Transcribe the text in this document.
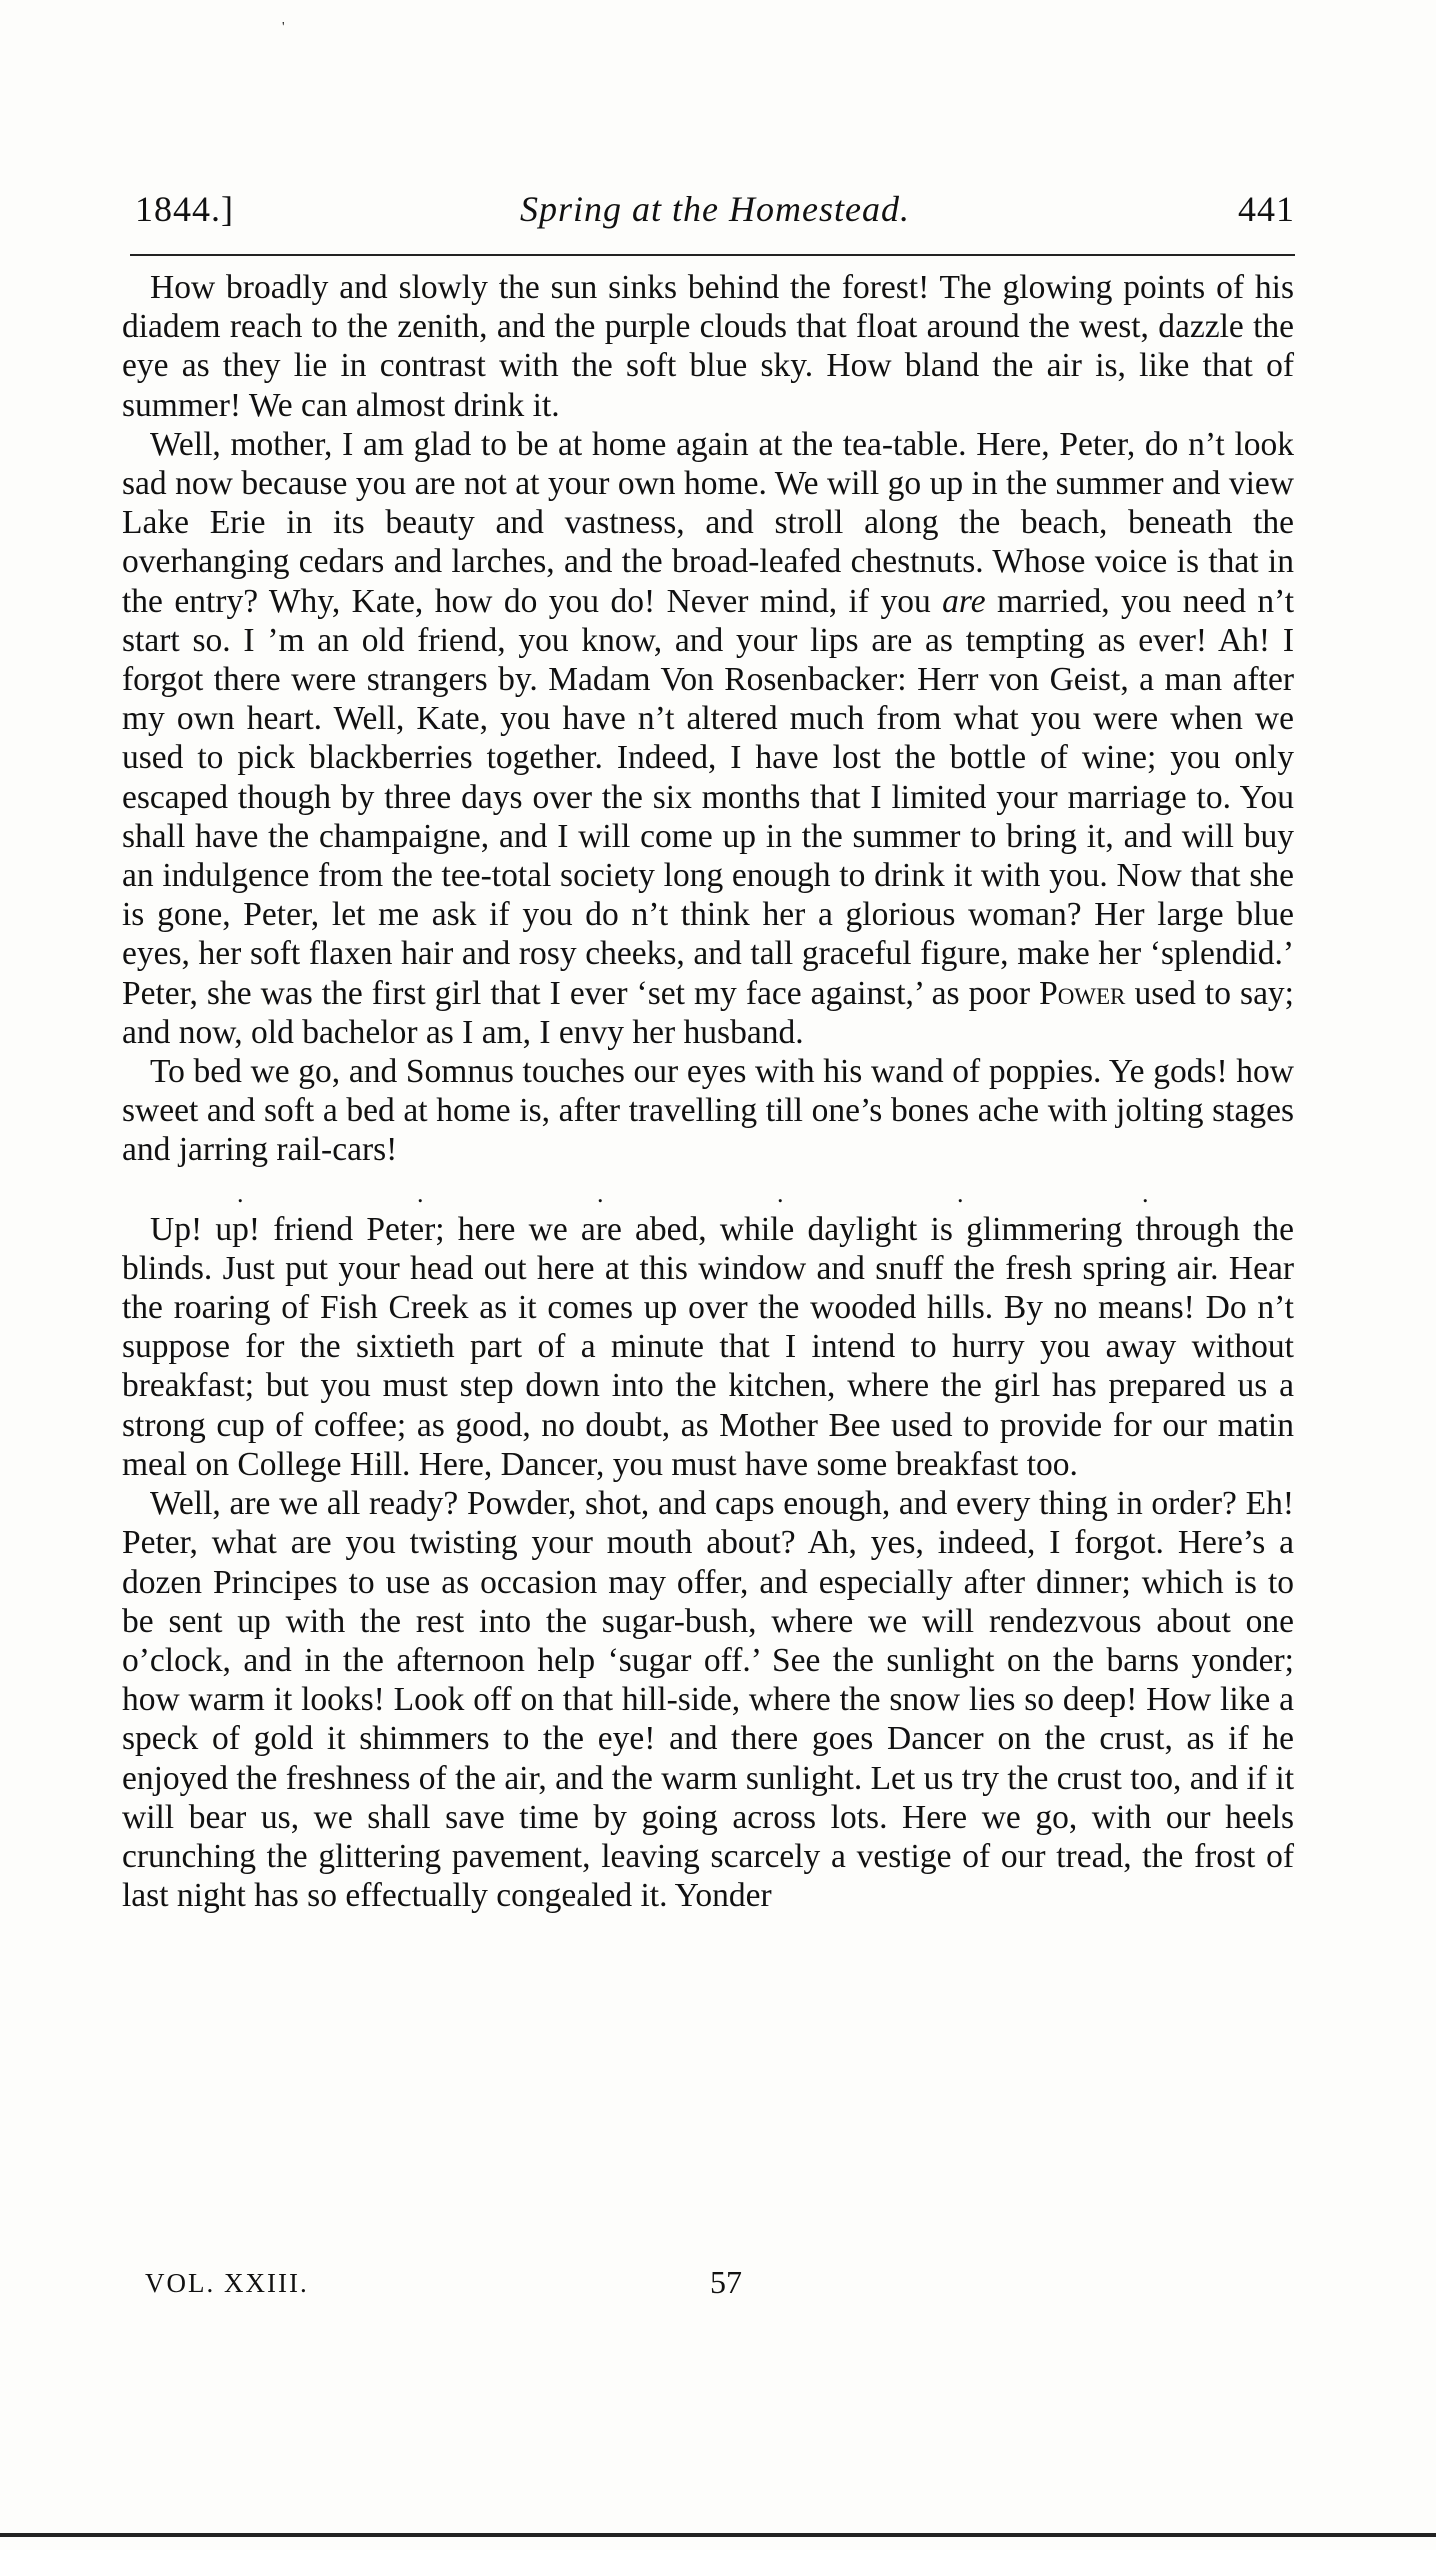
'
1844.]	Spring at the Homestead.	441

How broadly and slowly the sun sinks behind the forest! The glowing points of his diadem reach to the zenith, and the purple clouds that float around the west, dazzle the eye as they lie in contrast with the soft blue sky. How bland the air is, like that of summer! We can almost drink it.

Well, mother, I am glad to be at home again at the tea-table. Here, Peter, do n’t look sad now because you are not at your own home. We will go up in the summer and view Lake Erie in its beauty and vastness, and stroll along the beach, beneath the overhanging cedars and larches, and the broad-leafed chestnuts. Whose voice is that in the entry? Why, Kate, how do you do! Never mind, if you are married, you need n’t start so. I ’m an old friend, you know, and your lips are as tempting as ever! Ah! I forgot there were strangers by. Madam Von Rosenbacker: Herr von Geist, a man after my own heart. Well, Kate, you have n’t altered much from what you were when we used to pick blackberries together. Indeed, I have lost the bottle of wine; you only escaped though by three days over the six months that I limited your marriage to. You shall have the champaigne, and I will come up in the summer to bring it, and will buy an indulgence from the tee-total society long enough to drink it with you. Now that she is gone, Peter, let me ask if you do n’t think her a glorious woman? Her large blue eyes, her soft flaxen hair and rosy cheeks, and tall graceful figure, make her ‘splendid.’ Peter, she was the first girl that I ever ‘set my face against,’ as poor Power used to say; and now, old bachelor as I am, I envy her husband.

To bed we go, and Somnus touches our eyes with his wand of poppies. Ye gods! how sweet and soft a bed at home is, after travelling till one’s bones ache with jolting stages and jarring rail-cars!

.	.	.	.	.	.

Up! up! friend Peter; here we are abed, while daylight is glimmering through the blinds. Just put your head out here at this window and snuff the fresh spring air. Hear the roaring of Fish Creek as it comes up over the wooded hills. By no means! Do n’t suppose for the sixtieth part of a minute that I intend to hurry you away without breakfast; but you must step down into the kitchen, where the girl has prepared us a strong cup of coffee; as good, no doubt, as Mother Bee used to provide for our matin meal on College Hill. Here, Dancer, you must have some breakfast too.

Well, are we all ready? Powder, shot, and caps enough, and every thing in order? Eh! Peter, what are you twisting your mouth about? Ah, yes, indeed, I forgot. Here’s a dozen Principes to use as occasion may offer, and especially after dinner; which is to be sent up with the rest into the sugar-bush, where we will rendezvous about one o’clock, and in the afternoon help ‘sugar off.’ See the sunlight on the barns yonder; how warm it looks! Look off on that hill-side, where the snow lies so deep! How like a speck of gold it shimmers to the eye! and there goes Dancer on the crust, as if he enjoyed the freshness of the air, and the warm sunlight. Let us try the crust too, and if it will bear us, we shall save time by going across lots. Here we go, with our heels crunching the glittering pavement, leaving scarcely a vestige of our tread, the frost of last night has so effectually congealed it. Yonder

VOL. XXIII.	57
